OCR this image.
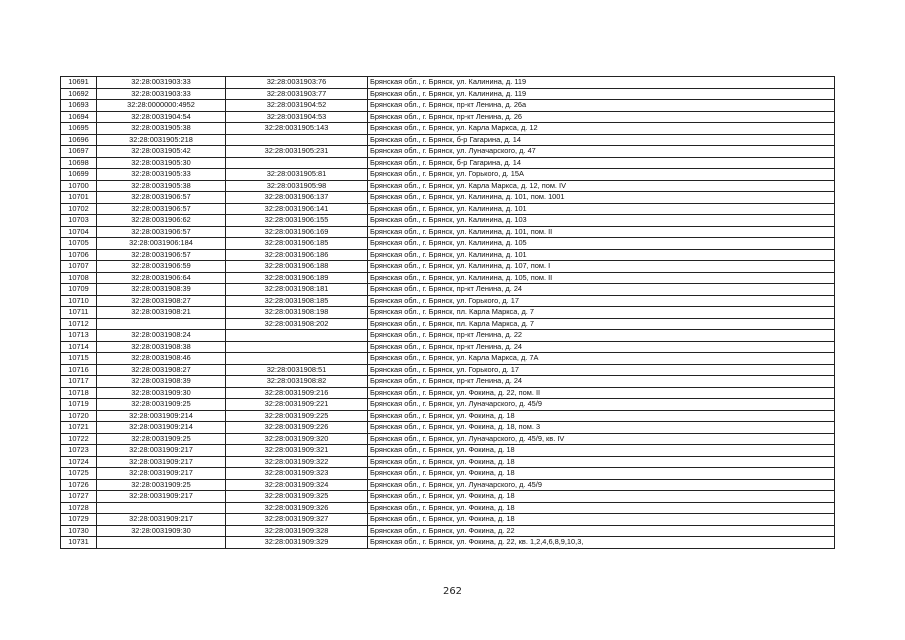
10691	32:28:0031903:33	32:28:0031903:76	Брянская обл., г. Брянск, ул. Калинина, д. 119
10692	32:28:0031903:33	32:28:0031903:77	Брянская обл., г. Брянск, ул. Калинина, д. 119
10693	32:28:0000000:4952	32:28:0031904:52	Брянская обл., г. Брянск, пр-кт Ленина, д. 26а
10694	32:28:0031904:54	32:28:0031904:53	Брянская обл., г. Брянск, пр-кт Ленина, д. 26
10695	32:28:0031905:38	32:28:0031905:143	Брянская обл., г. Брянск, ул. Карла Маркса, д. 12
10696	32:28:0031905:218		Брянская обл., г. Брянск, б-р Гагарина, д. 14
10697	32:28:0031905:42	32:28:0031905:231	Брянская обл., г. Брянск, ул. Луначарского, д. 47
10698	32:28:0031905:30		Брянская обл., г. Брянск, б-р Гагарина, д. 14
10699	32:28:0031905:33	32:28:0031905:81	Брянская обл., г. Брянск, ул. Горького, д. 15А
10700	32:28:0031905:38	32:28:0031905:98	Брянская обл., г. Брянск, ул. Карла Маркса, д. 12, пом. IV
10701	32:28:0031906:57	32:28:0031906:137	Брянская обл., г. Брянск, ул. Калинина, д. 101, пом. 1001
10702	32:28:0031906:57	32:28:0031906:141	Брянская обл., г. Брянск, ул. Калинина, д. 101
10703	32:28:0031906:62	32:28:0031906:155	Брянская обл., г. Брянск, ул. Калинина, д. 103
10704	32:28:0031906:57	32:28:0031906:169	Брянская обл., г. Брянск, ул. Калинина, д. 101, пом. II
10705	32:28:0031906:184	32:28:0031906:185	Брянская обл., г. Брянск, ул. Калинина, д. 105
10706	32:28:0031906:57	32:28:0031906:186	Брянская обл., г. Брянск, ул. Калинина, д. 101
10707	32:28:0031906:59	32:28:0031906:188	Брянская обл., г. Брянск, ул. Калинина, д. 107, пом. I
10708	32:28:0031906:64	32:28:0031906:189	Брянская обл., г. Брянск, ул. Калинина, д. 105, пом. II
10709	32:28:0031908:39	32:28:0031908:181	Брянская обл., г. Брянск, пр-кт Ленина, д. 24
10710	32:28:0031908:27	32:28:0031908:185	Брянская обл., г. Брянск, ул. Горького, д. 17
10711	32:28:0031908:21	32:28:0031908:198	Брянская обл., г. Брянск, пл. Карла Маркса, д. 7
10712		32:28:0031908:202	Брянская обл., г. Брянск, пл. Карла Маркса, д. 7
10713	32:28:0031908:24		Брянская обл., г. Брянск, пр-кт Ленина, д. 22
10714	32:28:0031908:38		Брянская обл., г. Брянск, пр-кт Ленина, д. 24
10715	32:28:0031908:46		Брянская обл., г. Брянск, ул. Карла Маркса, д. 7А
10716	32:28:0031908:27	32:28:0031908:51	Брянская обл., г. Брянск, ул. Горького, д. 17
10717	32:28:0031908:39	32:28:0031908:82	Брянская обл., г. Брянск, пр-кт Ленина, д. 24
10718	32:28:0031909:30	32:28:0031909:216	Брянская обл., г. Брянск, ул. Фокина, д. 22, пом. II
10719	32:28:0031909:25	32:28:0031909:221	Брянская обл., г. Брянск, ул. Луначарского, д. 45/9
10720	32:28:0031909:214	32:28:0031909:225	Брянская обл., г. Брянск, ул. Фокина, д. 18
10721	32:28:0031909:214	32:28:0031909:226	Брянская обл., г. Брянск, ул. Фокина, д. 18, пом. 3
10722	32:28:0031909:25	32:28:0031909:320	Брянская обл., г. Брянск, ул. Луначарского, д. 45/9, кв. IV
10723	32:28:0031909:217	32:28:0031909:321	Брянская обл., г. Брянск, ул. Фокина, д. 18
10724	32:28:0031909:217	32:28:0031909:322	Брянская обл., г. Брянск, ул. Фокина, д. 18
10725	32:28:0031909:217	32:28:0031909:323	Брянская обл., г. Брянск, ул. Фокина, д. 18
10726	32:28:0031909:25	32:28:0031909:324	Брянская обл., г. Брянск, ул. Луначарского, д. 45/9
10727	32:28:0031909:217	32:28:0031909:325	Брянская обл., г. Брянск, ул. Фокина, д. 18
10728		32:28:0031909:326	Брянская обл., г. Брянск, ул. Фокина, д. 18
10729	32:28:0031909:217	32:28:0031909:327	Брянская обл., г. Брянск, ул. Фокина, д. 18
10730	32:28:0031909:30	32:28:0031909:328	Брянская обл., г. Брянск, ул. Фокина, д. 22
10731		32:28:0031909:329	Брянская обл., г. Брянск, ул. Фокина, д. 22, кв. 1,2,4,6,8,9,10,3,
262
